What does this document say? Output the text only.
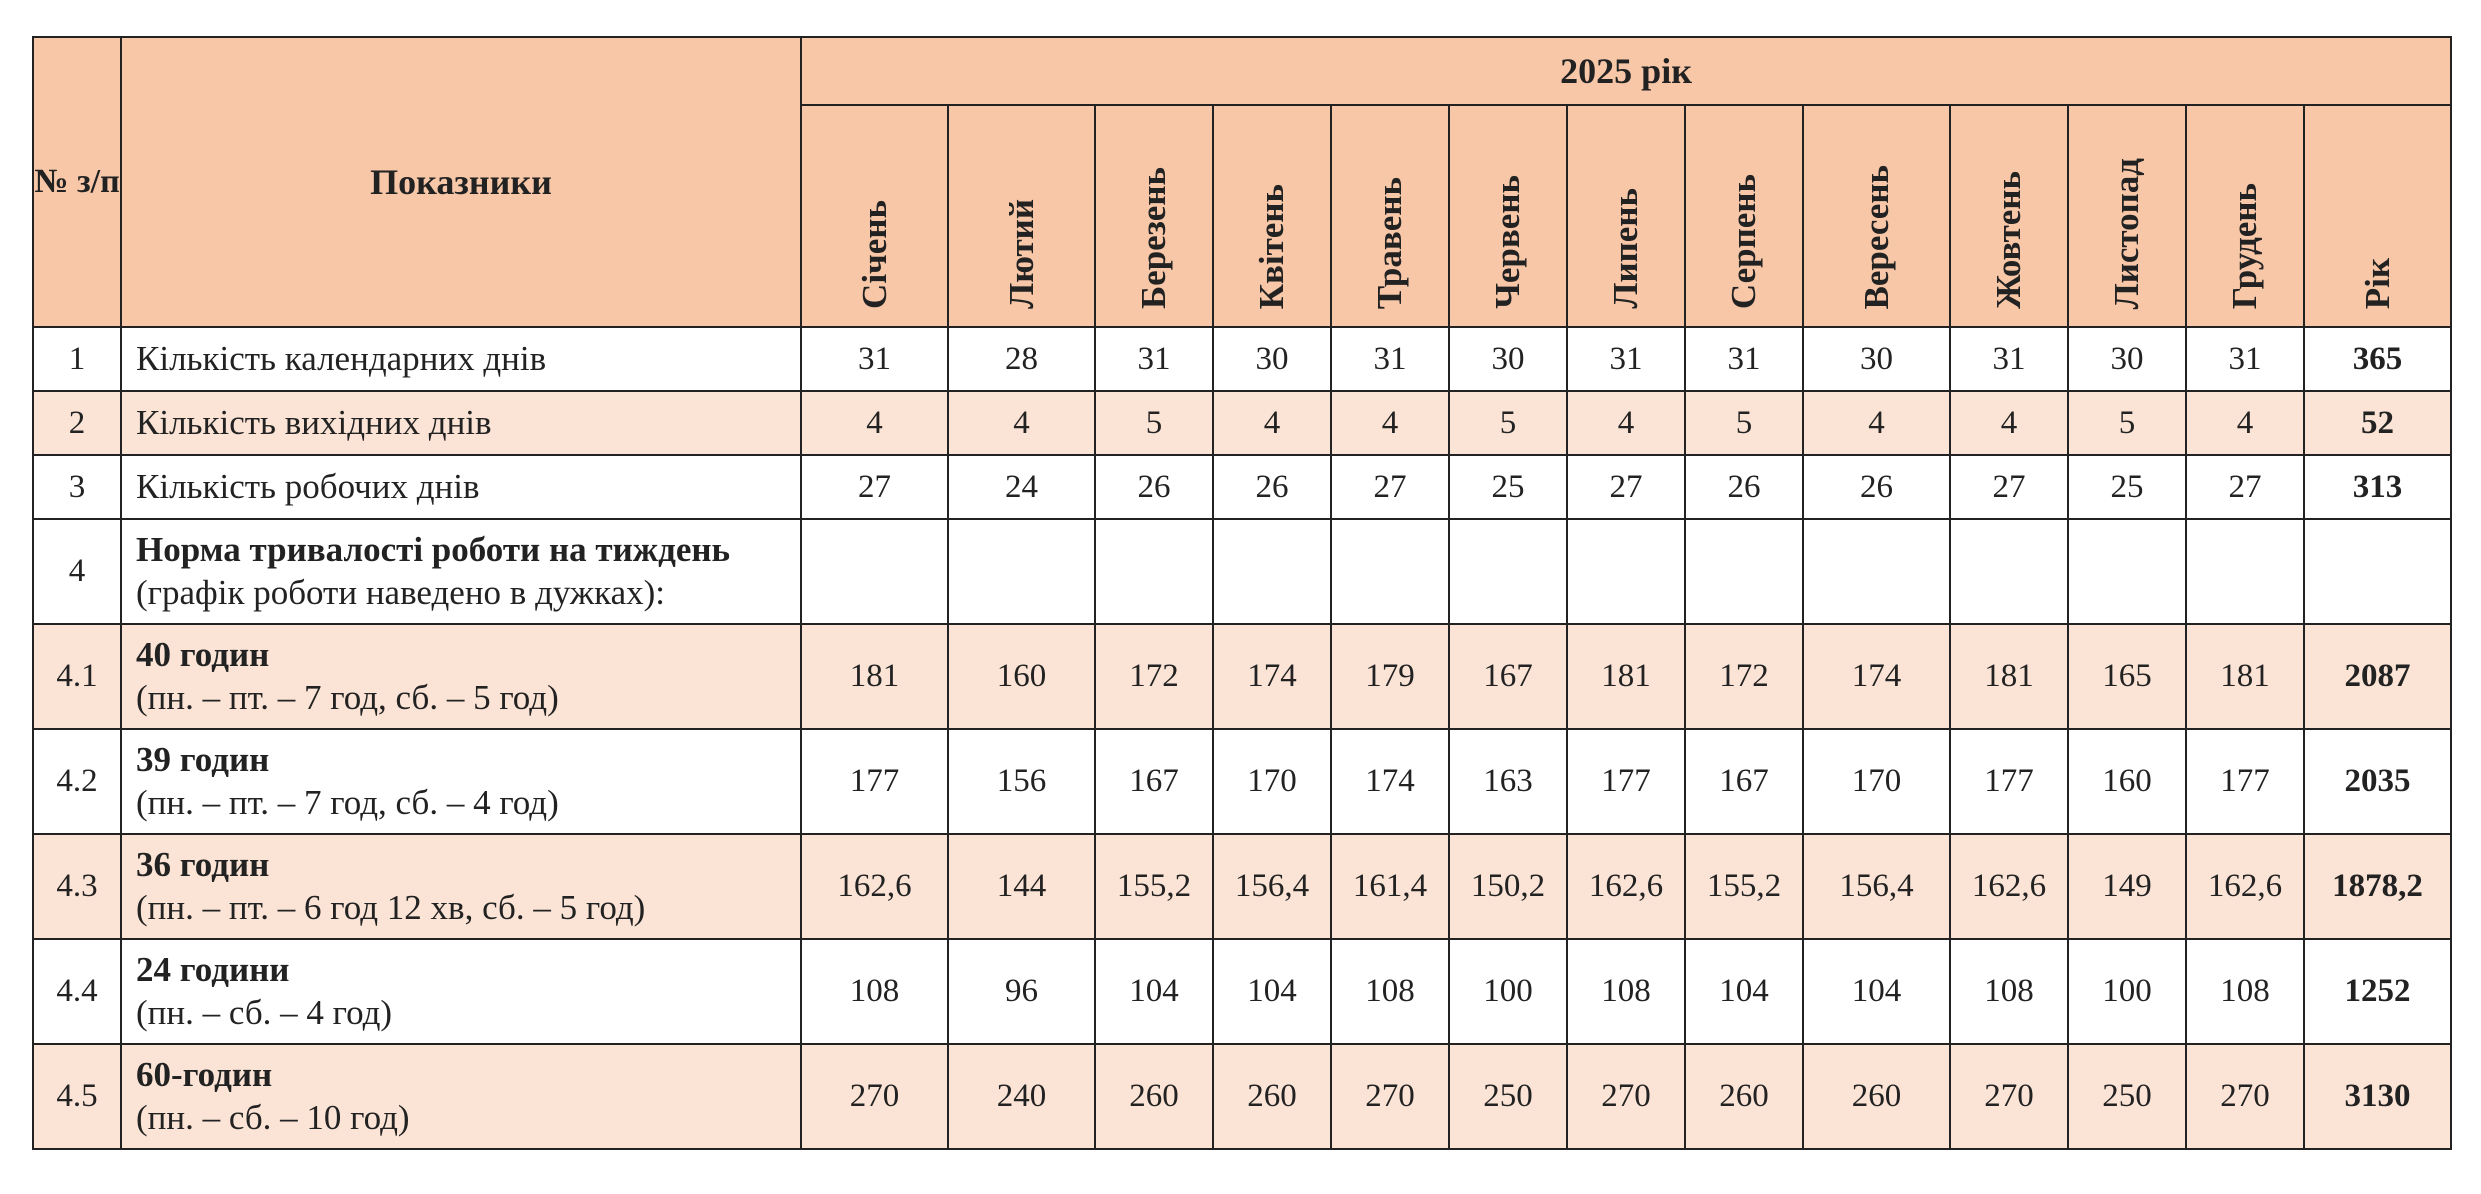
№ з/п	Показники	2025 рік												
		Січень	Лютий	Березень	Квітень	Травень	Червень	Липень	Серпень	Вересень	Жовтень	Листопад	Грудень	Рік
1	Кількість календарних днів	31	28	31	30	31	30	31	31	30	31	30	31	365
2	Кількість вихідних днів	4	4	5	4	4	5	4	5	4	4	5	4	52
3	Кількість робочих днів	27	24	26	26	27	25	27	26	26	27	25	27	313
4	Норма тривалості роботи на тиждень
(графік роботи наведено в дужках):													

4.1	40 годин
(пн. – пт. – 7 год, сб. – 5 год)	181	160	172	174	179	167	181	172	174	181	165	181	2087
4.2	39 годин
(пн. – пт. – 7 год, сб. – 4 год)	177	156	167	170	174	163	177	167	170	177	160	177	2035
4.3	36 годин
(пн. – пт. – 6 год 12 хв, сб. – 5 год)	162,6	144	155,2	156,4	161,4	150,2	162,6	155,2	156,4	162,6	149	162,6	1878,2
4.4	24 години
(пн. – сб. – 4 год)	108	96	104	104	108	100	108	104	104	108	100	108	1252
4.5	60-годин
(пн. – сб. – 10 год)	270	240	260	260	270	250	270	260	260	270	250	270	3130
